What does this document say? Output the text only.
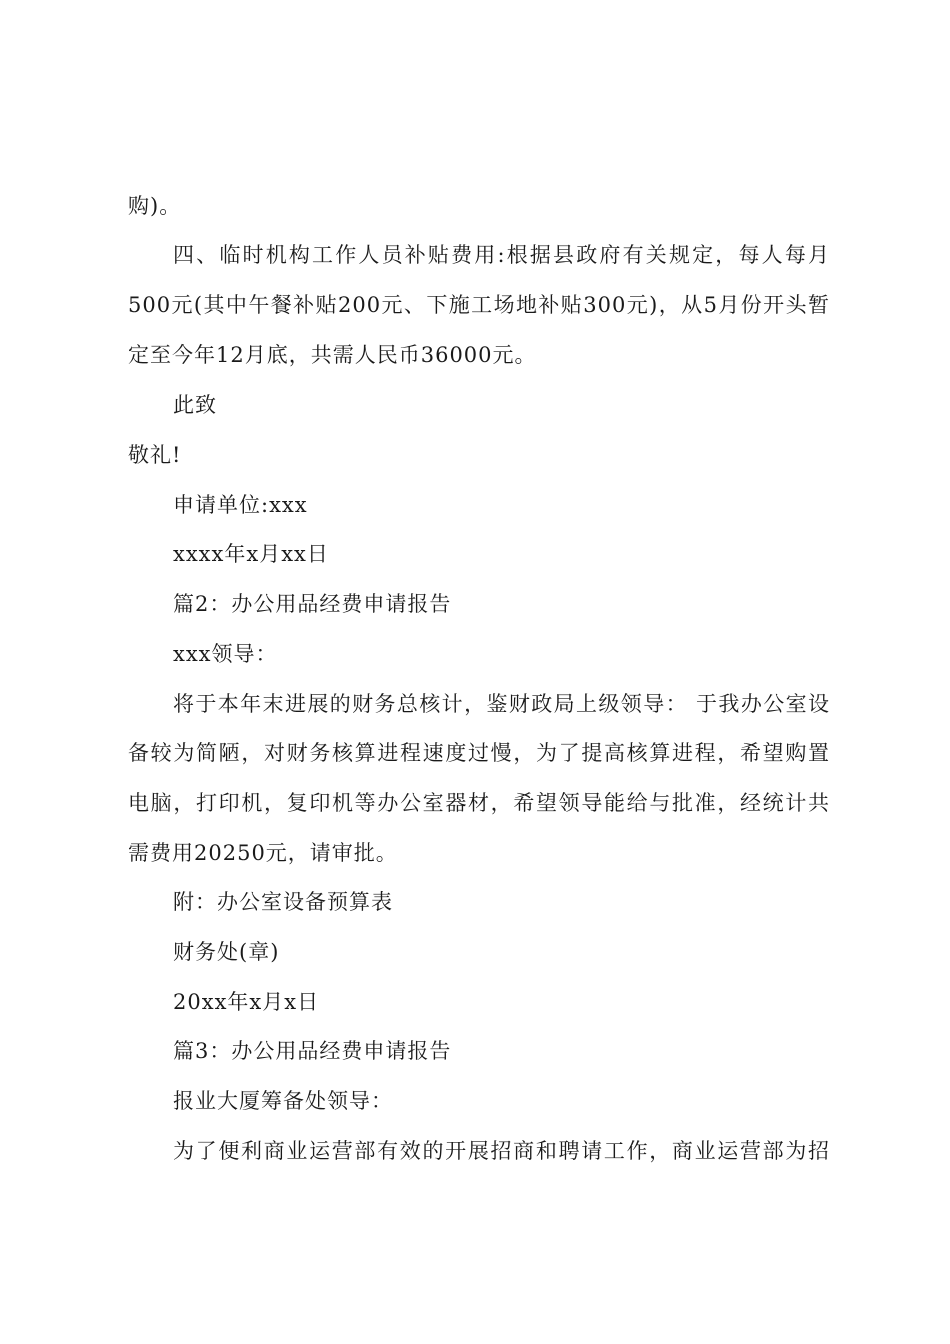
购)。
四、临时机构工作人员补贴费用:根据县政府有关规定，每人每月
500元(其中午餐补贴200元、下施工场地补贴300元)，从5月份开头暂
定至今年12月底，共需人民币36000元。
此致
敬礼!
申请单位:xxx
xxxx年x月xx日
篇2：办公用品经费申请报告
xxx领导：
将于本年末进展的财务总核计，鉴财政局上级领导： 于我办公室设
备较为简陋，对财务核算进程速度过慢，为了提高核算进程，希望购置
电脑，打印机，复印机等办公室器材，希望领导能给与批准，经统计共
需费用20250元，请审批。
附：办公室设备预算表
财务处(章)
20xx年x月x日
篇3：办公用品经费申请报告
报业大厦筹备处领导：
为了便利商业运营部有效的开展招商和聘请工作，商业运营部为招
